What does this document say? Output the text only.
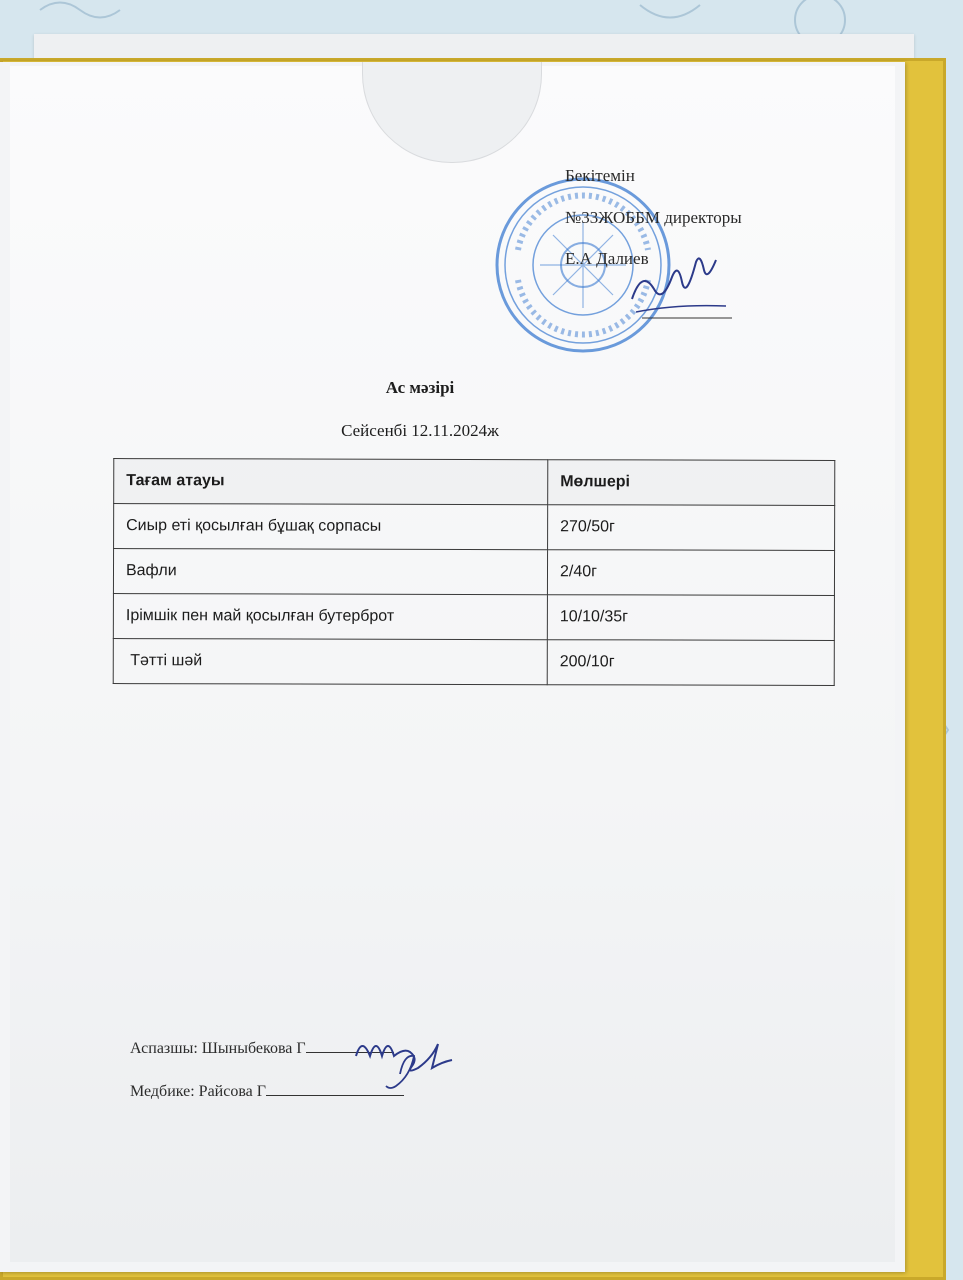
Бекітемін
№33ЖОББМ директоры
Е.А Далиев
Ас мәзірі
Сейсенбі 12.11.2024ж
Тағам атауы	Мөлшері
Сиыр еті қосылған бұшақ сорпасы	270/50г
Вафли	2/40г
Ірімшік пен май қосылған бутерброт	10/10/35г
Тәтті шәй	200/10г
Аспазшы: Шыныбекова Г
Медбике: Райсова Г
